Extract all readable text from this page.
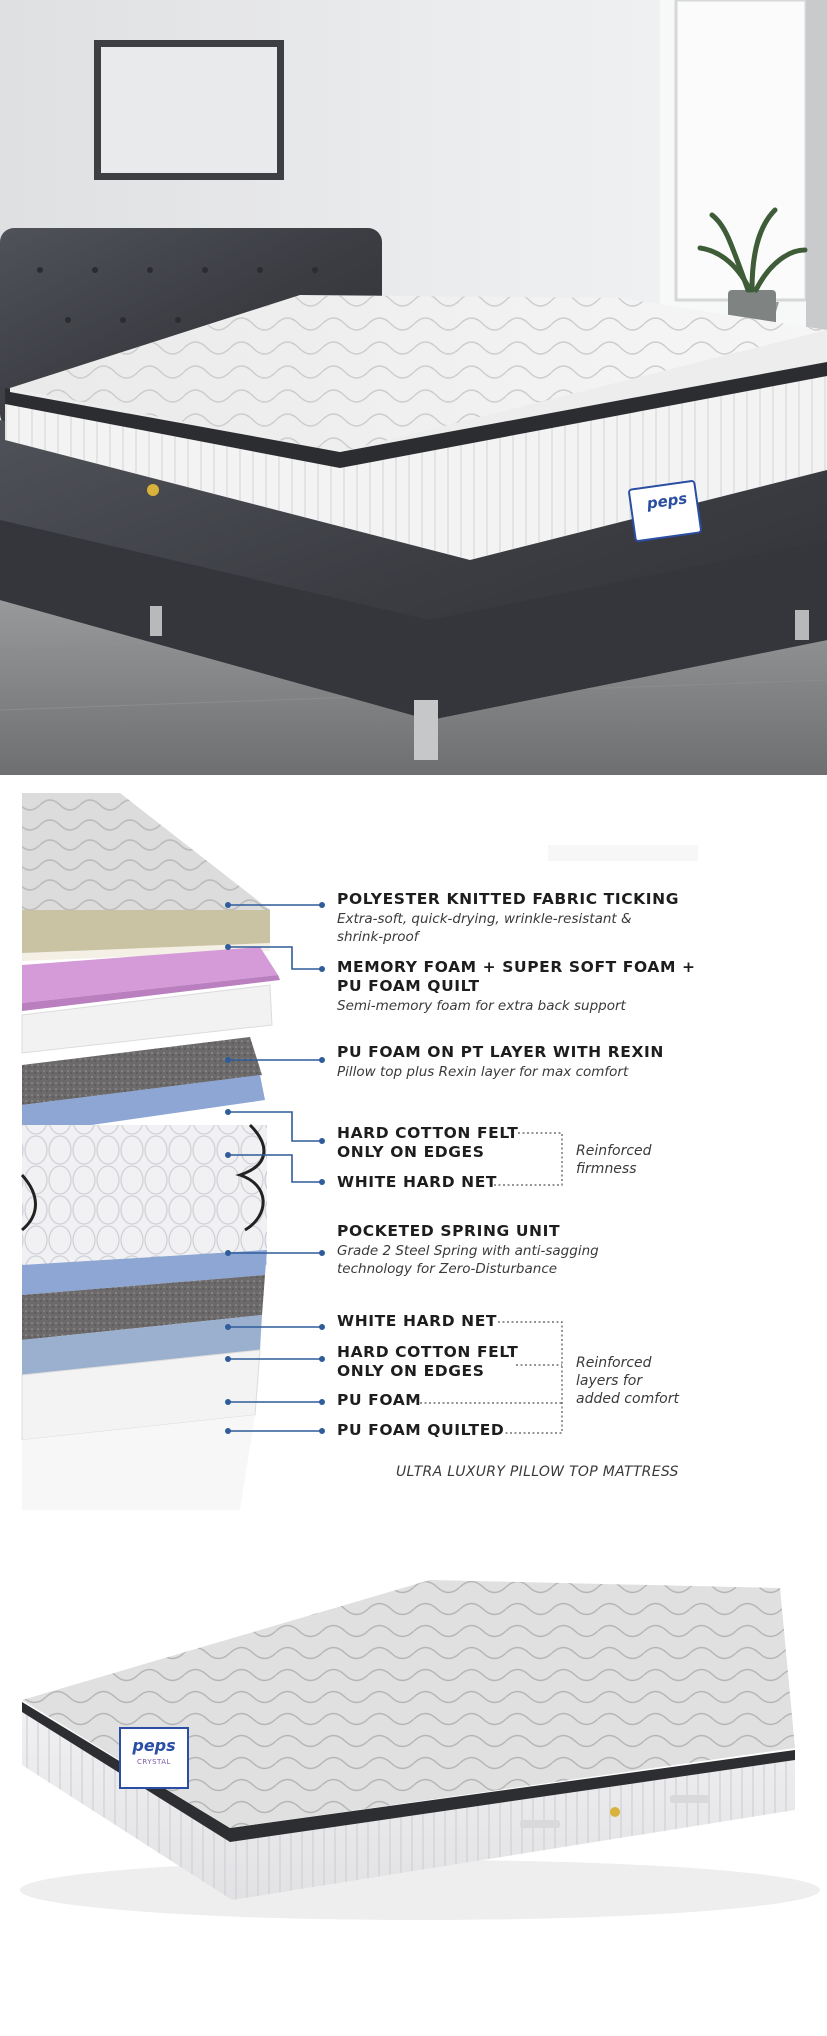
peps
POLYESTER KNITTED FABRIC TICKING
Extra-soft, quick-drying, wrinkle-resistant &
shrink-proof
MEMORY FOAM + SUPER SOFT FOAM +
PU FOAM QUILT
Semi-memory foam for extra back support
PU FOAM ON PT LAYER WITH REXIN
Pillow top plus Rexin layer for max comfort
HARD COTTON FELT
ONLY ON EDGES
WHITE HARD NET
Reinforced
firmness
POCKETED SPRING UNIT
Grade 2 Steel Spring with anti-sagging
technology for Zero-Disturbance
WHITE HARD NET
HARD COTTON FELT
ONLY ON EDGES
PU FOAM
PU FOAM QUILTED
Reinforced
layers for
added comfort
ULTRA LUXURY PILLOW TOP MATTRESS
peps
CRYSTAL
